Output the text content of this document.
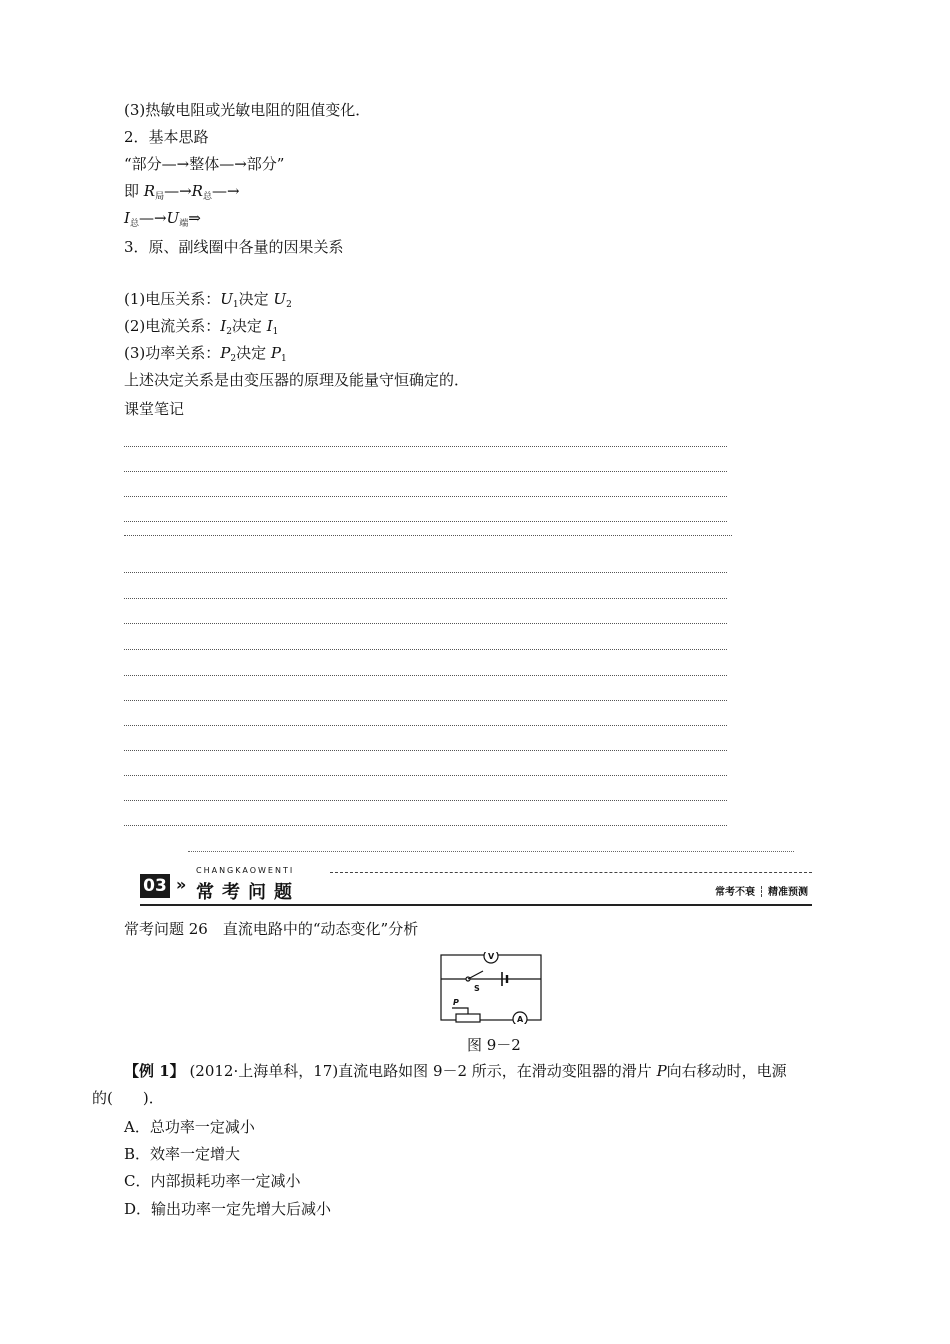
(3)热敏电阻或光敏电阻的阻值变化．
2．基本思路
“部分—→整体—→部分”
即 $R_局—\to R_总—\to$
$I_总—\to U_端\Rightarrow$
3．原、副线圈中各量的因果关系
(1)电压关系：$U_1$决定 $U_2$
(2)电流关系：$I_2$决定 $I_1$
(3)功率关系：$P_2$决定 $P_1$
上述决定关系是由变压器的原理及能量守恒确定的．
课堂笔记
03 »
CHANGKAOWENTI
常考问题	常考不衰 ┆ 精准预测
常考问题 26　直流电路中的“动态变化”分析
V
S
P
A
图 9－2
【例 1】 (2012·上海单科，17)直流电路如图 9－2 所示，在滑动变阻器的滑片 P向右移动时，电源
的(　　)．
A．总功率一定减小
B．效率一定增大
C．内部损耗功率一定减小
D．输出功率一定先增大后减小
